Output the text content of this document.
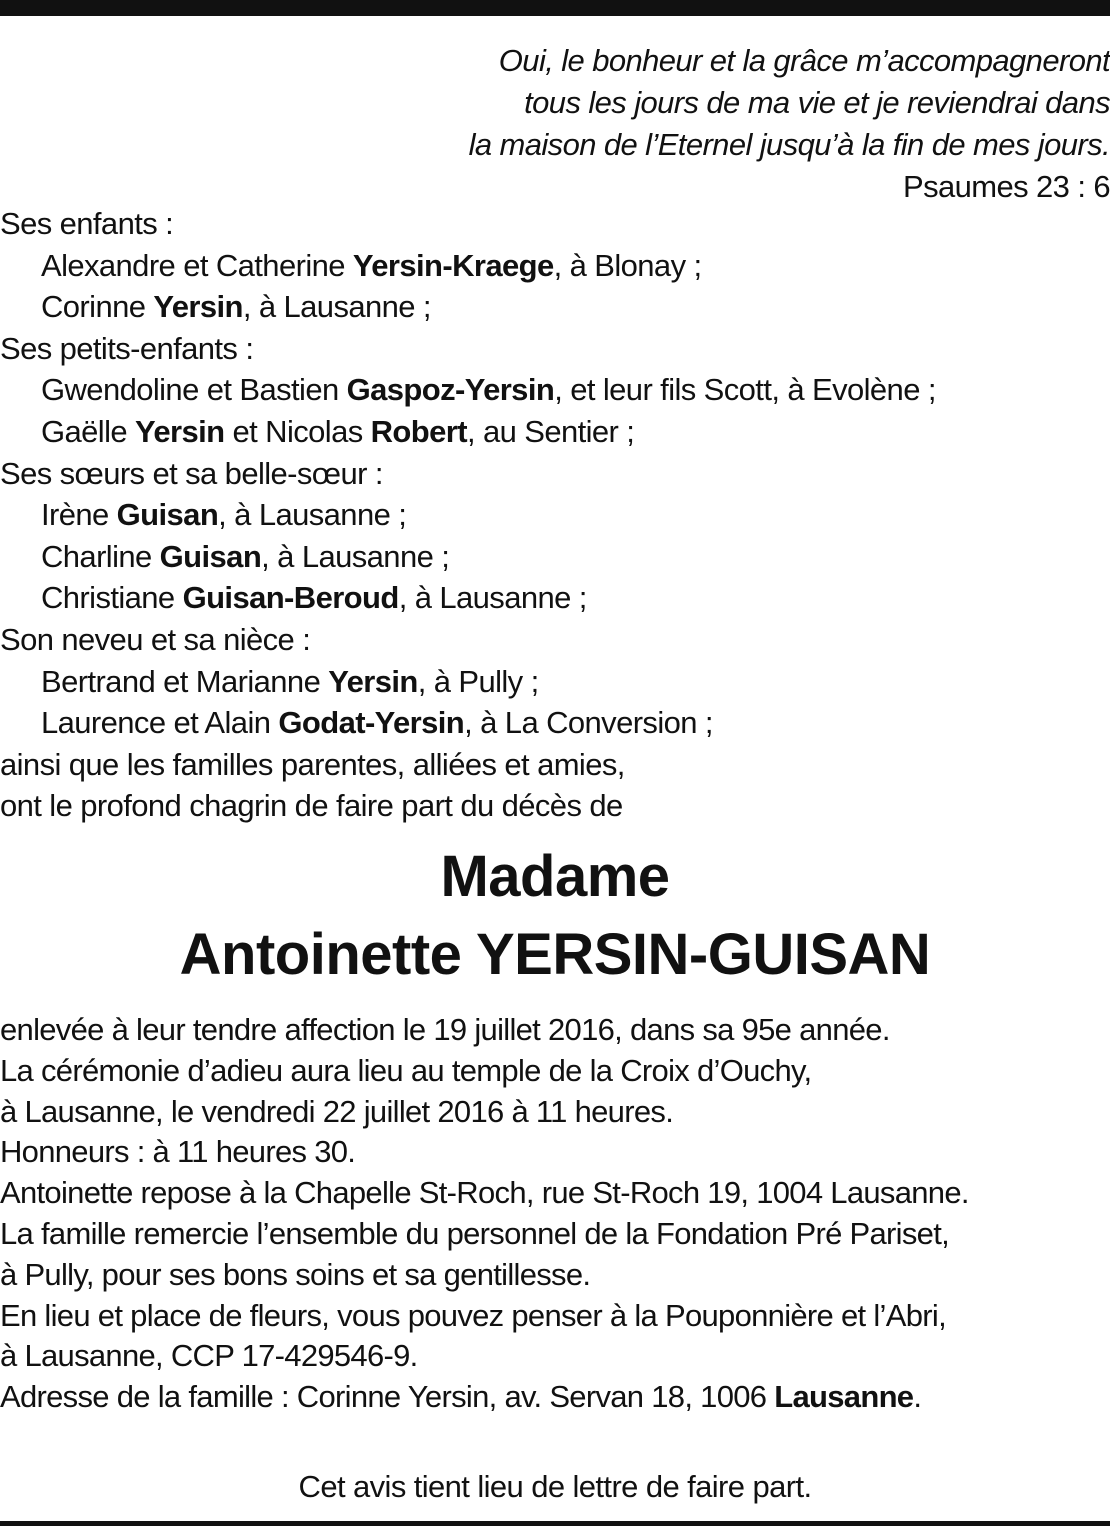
Oui, le bonheur et la grâce m’accompagneront
tous les jours de ma vie et je reviendrai dans
la maison de l’Eternel jusqu’à la fin de mes jours.
Psaumes 23 : 6
Ses enfants :
Alexandre et Catherine Yersin-Kraege, à Blonay ;
Corinne Yersin, à Lausanne ;
Ses petits-enfants :
Gwendoline et Bastien Gaspoz-Yersin, et leur fils Scott, à Evolène ;
Gaëlle Yersin et Nicolas Robert, au Sentier ;
Ses sœurs et sa belle-sœur :
Irène Guisan, à Lausanne ;
Charline Guisan, à Lausanne ;
Christiane Guisan-Beroud, à Lausanne ;
Son neveu et sa nièce :
Bertrand et Marianne Yersin, à Pully ;
Laurence et Alain Godat-Yersin, à La Conversion ;
ainsi que les familles parentes, alliées et amies,
ont le profond chagrin de faire part du décès de
Madame
Antoinette YERSIN-GUISAN
enlevée à leur tendre affection le 19 juillet 2016, dans sa 95e année.
La cérémonie d’adieu aura lieu au temple de la Croix d’Ouchy,
à Lausanne, le vendredi 22 juillet 2016 à 11 heures.
Honneurs : à 11 heures 30.
Antoinette repose à la Chapelle St-Roch, rue St-Roch 19, 1004 Lausanne.
La famille remercie l’ensemble du personnel de la Fondation Pré Pariset,
à Pully, pour ses bons soins et sa gentillesse.
En lieu et place de fleurs, vous pouvez penser à la Pouponnière et l’Abri,
à Lausanne, CCP 17-429546-9.
Adresse de la famille : Corinne Yersin, av. Servan 18, 1006 Lausanne.
Cet avis tient lieu de lettre de faire part.
